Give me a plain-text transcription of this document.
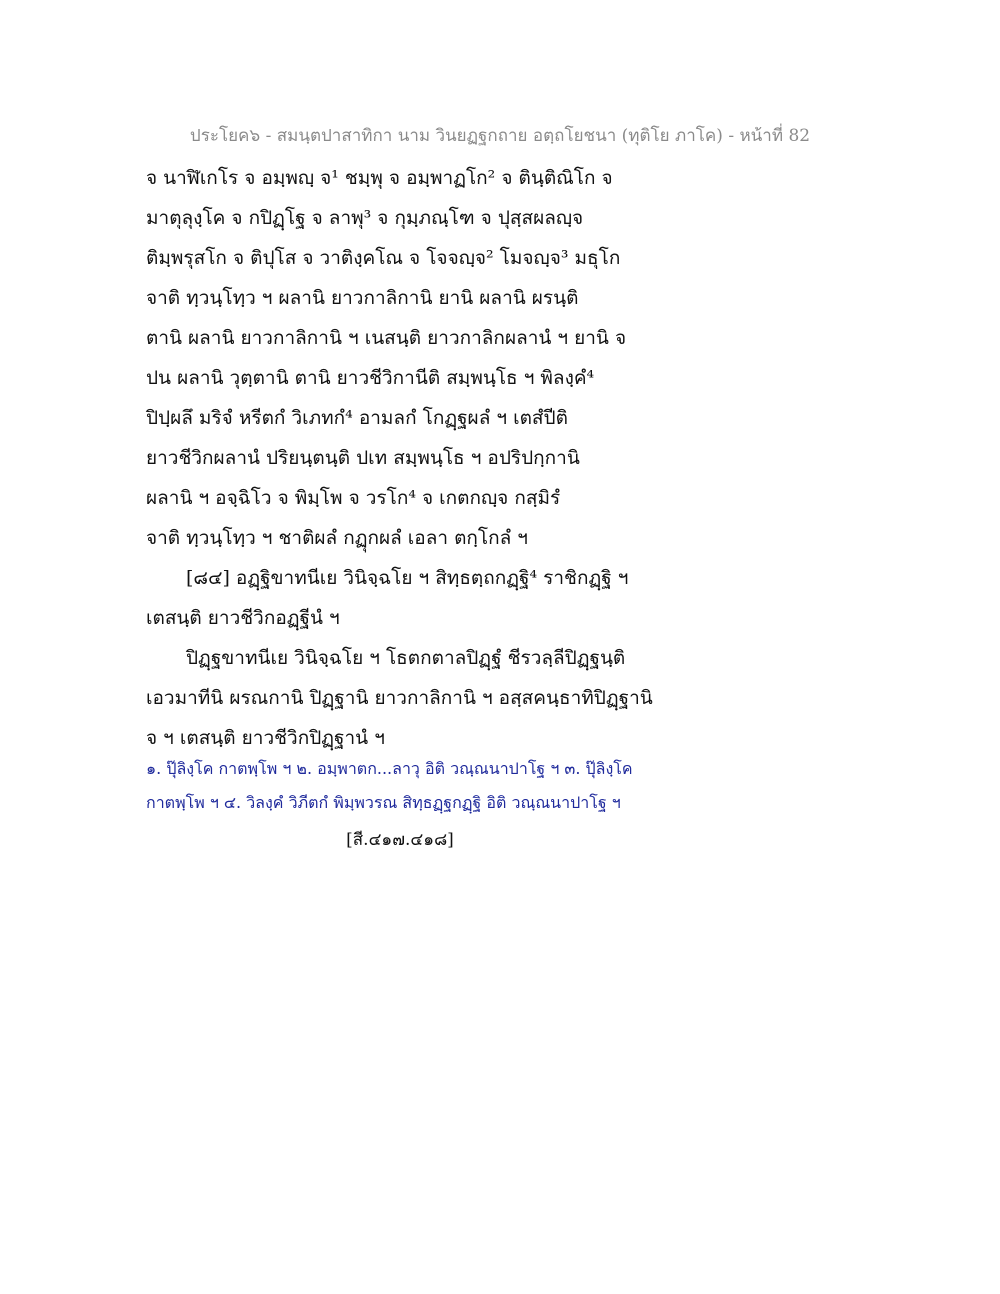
ประโยค๖ - สมนฺตปาสาทิกา นาม วินยฏฐกถาย อตฺถโยชนา (ทุติโย ภาโค) - หน้าที่ 82
จ นาฬิเกโร จ อมฺพญฺ จ¹ ชมฺพุ จ อมฺพาฏโก² จ ตินฺติณิโก จ
มาตุลุงฺโค จ กปิฏฺโฐ จ ลาพุ³ จ กุมฺภณฺโฑ จ ปุสฺสผลญฺจ
ติมฺพรุสโก จ ติปุโส จ วาติงฺคโณ จ โจจญฺจ² โมจญฺจ³ มธุโก
จาติ ทฺวนฺโทฺว ฯ ผลานิ ยาวกาลิกานิ ยานิ ผลานิ ผรนฺติ
ตานิ ผลานิ ยาวกาลิกานิ ฯ เนสนฺติ ยาวกาลิกผลานํ ฯ ยานิ จ
ปน ผลานิ วุตฺตานิ ตานิ ยาวชีวิกานีติ สมฺพนฺโธ ฯ พิลงฺคํ⁴
ปิปฺผลึ มริจํ หรีตกํ วิเภทกํ⁴ อามลกํ โกฏฺฐผลํ ฯ เตสํปีติ
ยาวชีวิกผลานํ ปริยนฺตนฺติ ปเท สมฺพนฺโธ ฯ อปริปกฺกานิ
ผลานิ ฯ อจฺฉิโว จ พิมฺโพ จ วรโก⁴ จ เกตกญฺจ กสฺมิรํ
จาติ ทฺวนฺโทฺว ฯ ชาติผลํ กฏุกผลํ เอลา ตกฺโกลํ ฯ
[๘๔] อฏฺฐิขาทนีเย วินิจฺฉโย ฯ สิทฺธตฺถกฏฺฐิ⁴ ราชิกฏฺฐิ ฯ
เตสนฺติ ยาวชีวิกอฏฺฐีนํ ฯ
ปิฏฺฐขาทนีเย วินิจฺฉโย ฯ โธตกตาลปิฏฺฐํ ชีรวลฺลีปิฏฺฐนฺติ
เอวมาทีนิ ผรณกานิ ปิฏฺฐานิ ยาวกาลิกานิ ฯ อสฺสคนฺธาทิปิฏฺฐานิ
จ ฯ เตสนฺติ ยาวชีวิกปิฏฺฐานํ ฯ
๑. ปุ๊ลิงฺโค กาตพฺโพ ฯ ๒. อมฺพาตก...ลาวุ อิติ วณฺณนาปาโฐ ฯ ๓. ปุ๊ลิงฺโค
กาตพฺโพ ฯ ๔. วิลงฺคํ วิภีตกํ พิมฺพวรณ สิทฺธฏฺฐกฏฺฐิ อิติ วณฺณนาปาโฐ ฯ
[สี.๔๑๗.๔๑๘]
